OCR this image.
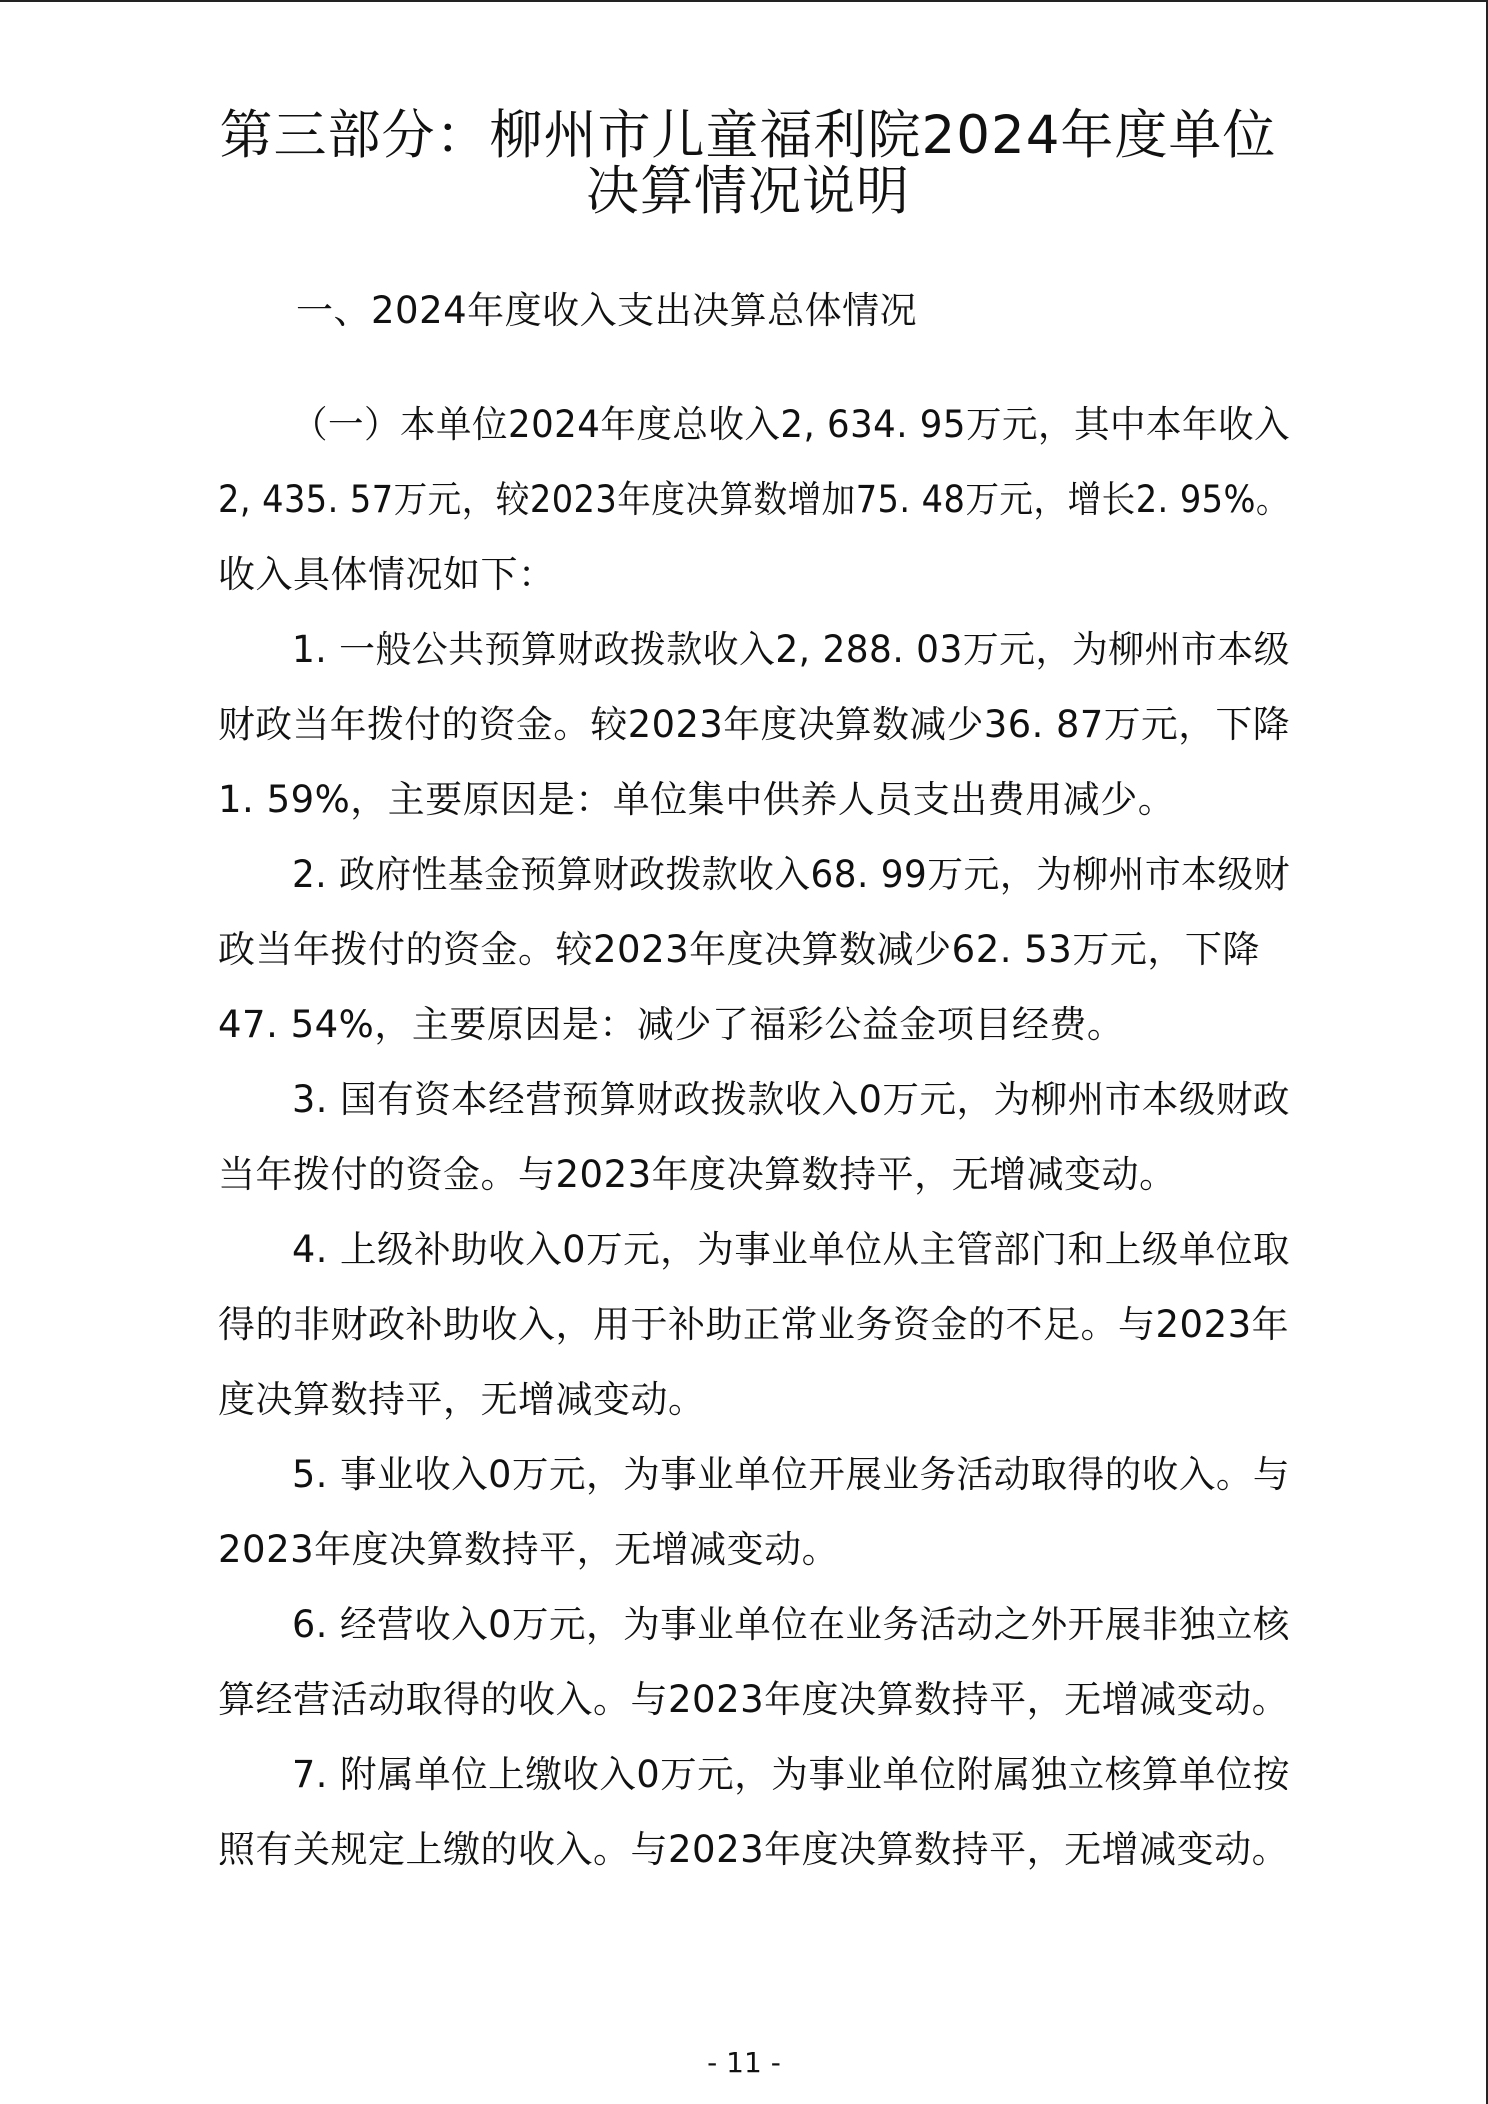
第三部分：柳州市儿童福利院2024年度单位
决算情况说明
一、2024年度收入支出决算总体情况
（一）本单位2024年度总收入2, 634. 95万元，其中本年收入
2, 435. 57万元，较2023年度决算数增加75. 48万元，增长2. 95%。
收入具体情况如下：
1. 一般公共预算财政拨款收入2, 288. 03万元，为柳州市本级
财政当年拨付的资金。较2023年度决算数减少36. 87万元，下降
1. 59%，主要原因是：单位集中供养人员支出费用减少。
2. 政府性基金预算财政拨款收入68. 99万元，为柳州市本级财
政当年拨付的资金。较2023年度决算数减少62. 53万元，下降
47. 54%，主要原因是：减少了福彩公益金项目经费。
3. 国有资本经营预算财政拨款收入0万元，为柳州市本级财政
当年拨付的资金。与2023年度决算数持平，无增减变动。
4. 上级补助收入0万元，为事业单位从主管部门和上级单位取
得的非财政补助收入，用于补助正常业务资金的不足。与2023年
度决算数持平，无增减变动。
5. 事业收入0万元，为事业单位开展业务活动取得的收入。与
2023年度决算数持平，无增减变动。
6. 经营收入0万元，为事业单位在业务活动之外开展非独立核
算经营活动取得的收入。与2023年度决算数持平，无增减变动。
7. 附属单位上缴收入0万元，为事业单位附属独立核算单位按
照有关规定上缴的收入。与2023年度决算数持平，无增减变动。
- 11 -
